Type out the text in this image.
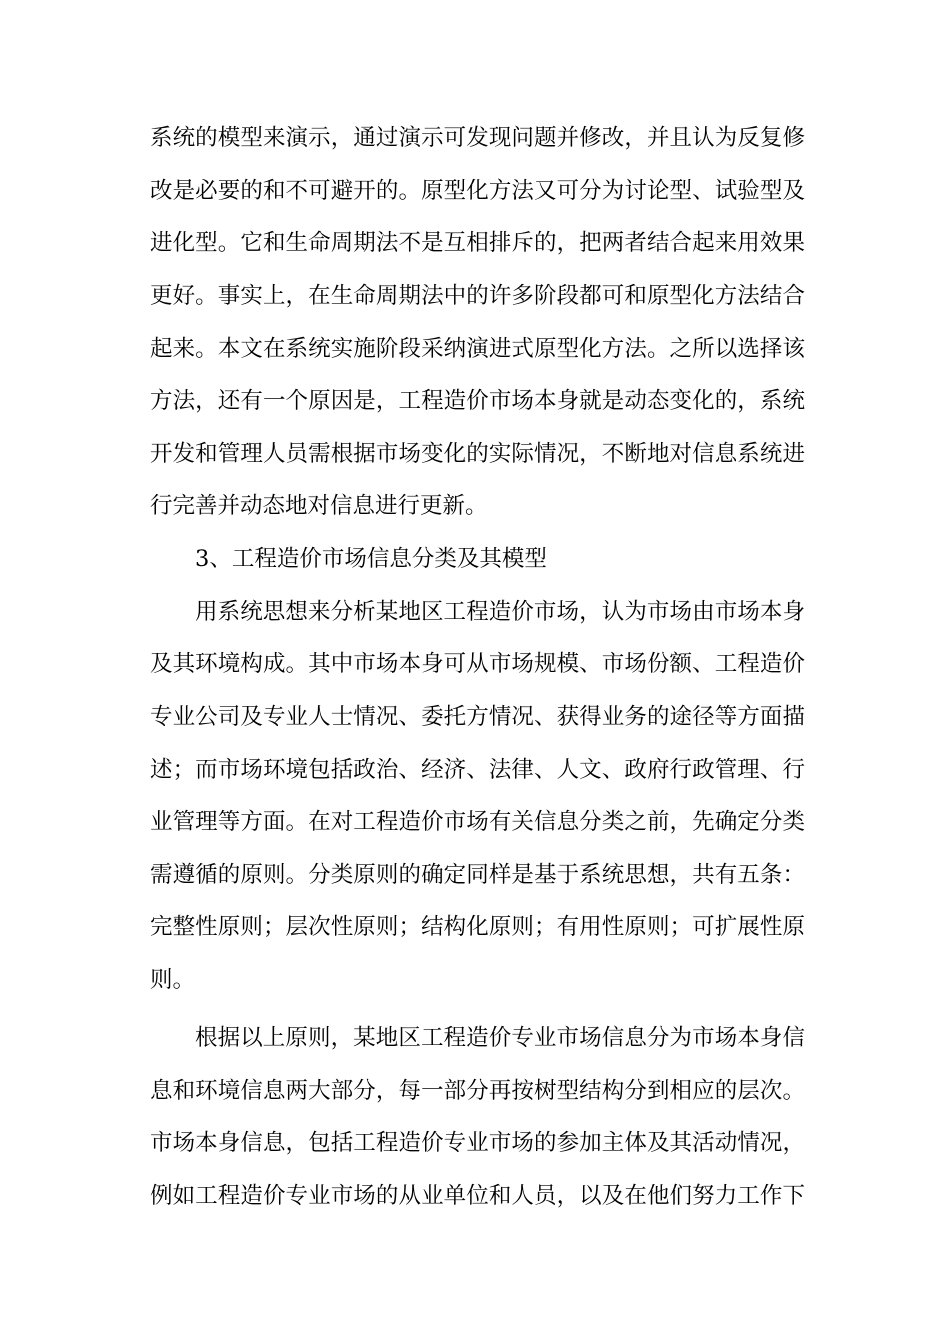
系统的模型来演示，通过演示可发现问题并修改，并且认为反复修
改是必要的和不可避开的。原型化方法又可分为讨论型、试验型及
进化型。它和生命周期法不是互相排斥的，把两者结合起来用效果
更好。事实上，在生命周期法中的许多阶段都可和原型化方法结合
起来。本文在系统实施阶段采纳演进式原型化方法。之所以选择该
方法，还有一个原因是，工程造价市场本身就是动态变化的，系统
开发和管理人员需根据市场变化的实际情况，不断地对信息系统进
行完善并动态地对信息进行更新。
3、工程造价市场信息分类及其模型
用系统思想来分析某地区工程造价市场，认为市场由市场本身
及其环境构成。其中市场本身可从市场规模、市场份额、工程造价
专业公司及专业人士情况、委托方情况、获得业务的途径等方面描
述；而市场环境包括政治、经济、法律、人文、政府行政管理、行
业管理等方面。在对工程造价市场有关信息分类之前，先确定分类
需遵循的原则。分类原则的确定同样是基于系统思想，共有五条：
完整性原则；层次性原则；结构化原则；有用性原则；可扩展性原
则。
根据以上原则，某地区工程造价专业市场信息分为市场本身信
息和环境信息两大部分，每一部分再按树型结构分到相应的层次。
市场本身信息，包括工程造价专业市场的参加主体及其活动情况，
例如工程造价专业市场的从业单位和人员，以及在他们努力工作下
